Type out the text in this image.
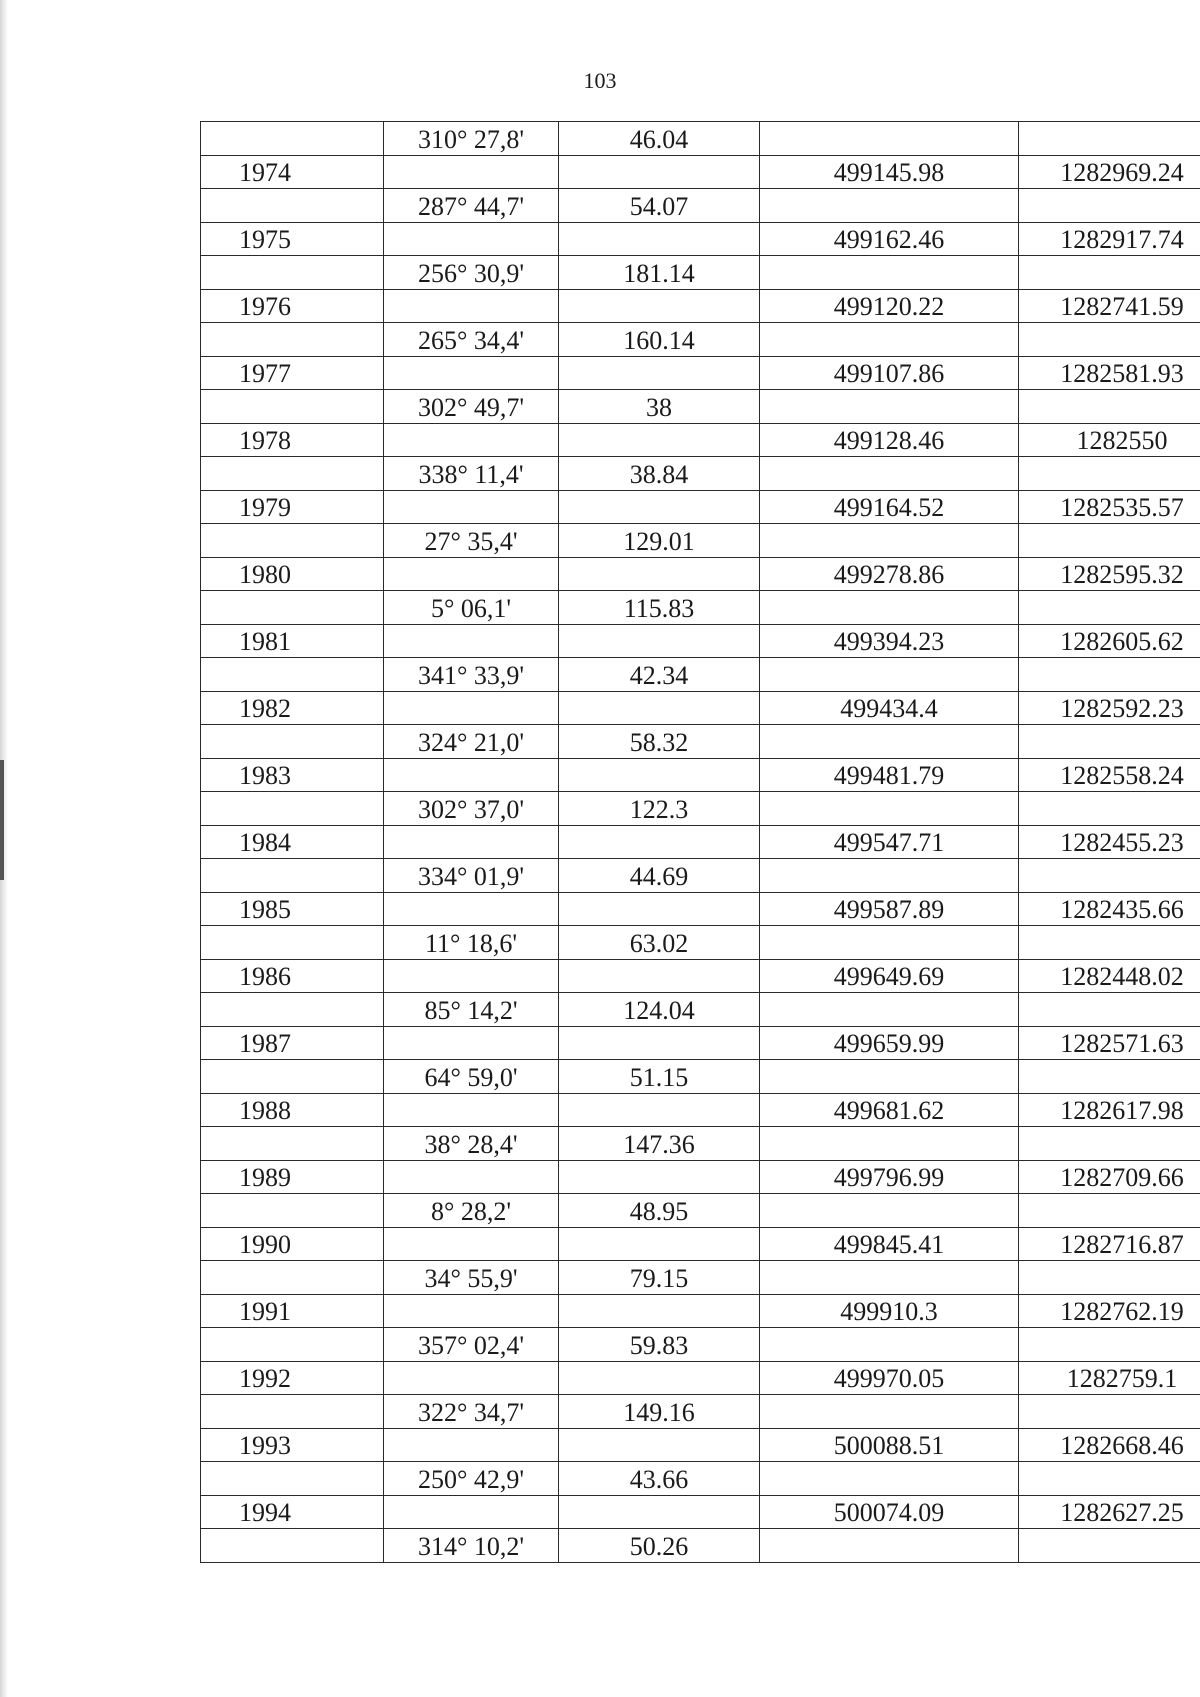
103
	310° 27,8'	46.04		
1974			499145.98	1282969.24
	287° 44,7'	54.07		
1975			499162.46	1282917.74
	256° 30,9'	181.14		
1976			499120.22	1282741.59
	265° 34,4'	160.14		
1977			499107.86	1282581.93
	302° 49,7'	38		
1978			499128.46	1282550
	338° 11,4'	38.84		
1979			499164.52	1282535.57
	27° 35,4'	129.01		
1980			499278.86	1282595.32
	5° 06,1'	115.83		
1981			499394.23	1282605.62
	341° 33,9'	42.34		
1982			499434.4	1282592.23
	324° 21,0'	58.32		
1983			499481.79	1282558.24
	302° 37,0'	122.3		
1984			499547.71	1282455.23
	334° 01,9'	44.69		
1985			499587.89	1282435.66
	11° 18,6'	63.02		
1986			499649.69	1282448.02
	85° 14,2'	124.04		
1987			499659.99	1282571.63
	64° 59,0'	51.15		
1988			499681.62	1282617.98
	38° 28,4'	147.36		
1989			499796.99	1282709.66
	8° 28,2'	48.95		
1990			499845.41	1282716.87
	34° 55,9'	79.15		
1991			499910.3	1282762.19
	357° 02,4'	59.83		
1992			499970.05	1282759.1
	322° 34,7'	149.16		
1993			500088.51	1282668.46
	250° 42,9'	43.66		
1994			500074.09	1282627.25
	314° 10,2'	50.26		
